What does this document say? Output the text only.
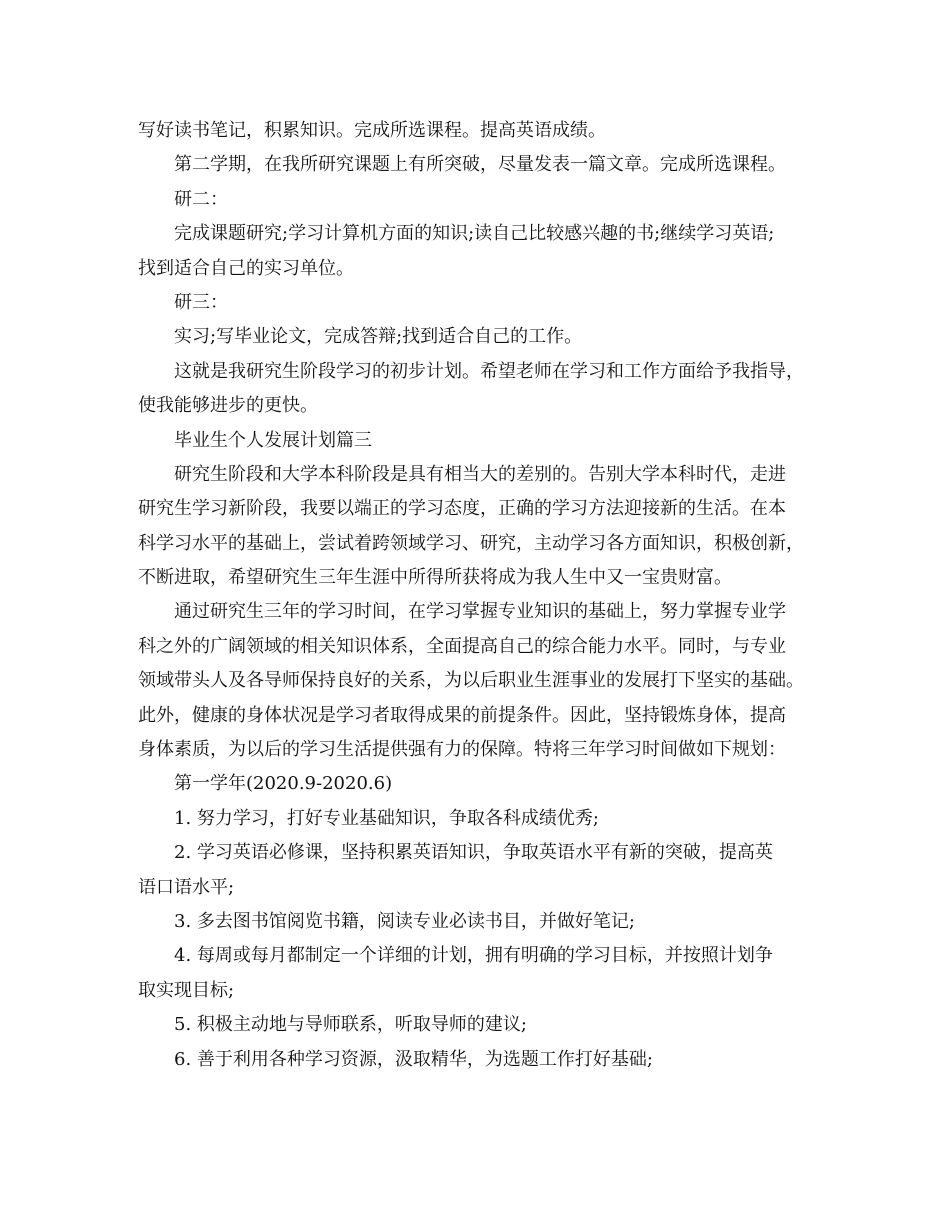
写好读书笔记，积累知识。完成所选课程。提高英语成绩。

第二学期，在我所研究课题上有所突破，尽量发表一篇文章。完成所选课程。

研二：

完成课题研究;学习计算机方面的知识;读自己比较感兴趣的书;继续学习英语;

找到适合自己的实习单位。

研三：

实习;写毕业论文，完成答辩;找到适合自己的工作。

这就是我研究生阶段学习的初步计划。希望老师在学习和工作方面给予我指导，

使我能够进步的更快。

毕业生个人发展计划篇三

研究生阶段和大学本科阶段是具有相当大的差别的。告别大学本科时代，走进

研究生学习新阶段，我要以端正的学习态度，正确的学习方法迎接新的生活。在本

科学习水平的基础上，尝试着跨领域学习、研究，主动学习各方面知识，积极创新，

不断进取，希望研究生三年生涯中所得所获将成为我人生中又一宝贵财富。

通过研究生三年的学习时间，在学习掌握专业知识的基础上，努力掌握专业学

科之外的广阔领域的相关知识体系，全面提高自己的综合能力水平。同时，与专业

领域带头人及各导师保持良好的关系，为以后职业生涯事业的发展打下坚实的基础。

此外，健康的身体状况是学习者取得成果的前提条件。因此，坚持锻炼身体，提高

身体素质，为以后的学习生活提供强有力的保障。特将三年学习时间做如下规划：

第一学年(2020.9-2020.6)

1. 努力学习，打好专业基础知识，争取各科成绩优秀;

2. 学习英语必修课，坚持积累英语知识，争取英语水平有新的突破，提高英

语口语水平;

3. 多去图书馆阅览书籍，阅读专业必读书目，并做好笔记;

4. 每周或每月都制定一个详细的计划，拥有明确的学习目标，并按照计划争

取实现目标;

5. 积极主动地与导师联系，听取导师的建议;

6. 善于利用各种学习资源，汲取精华，为选题工作打好基础;
